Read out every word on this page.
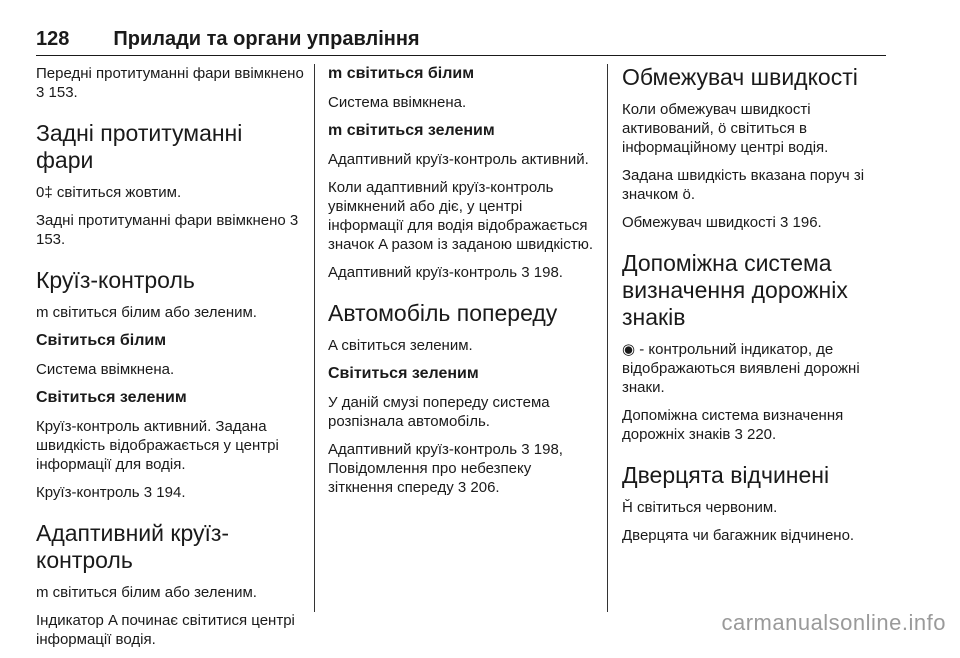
128 Прилади та органи управління

Передні протитуманні фари ввімкнено 3 153.

Задні протитуманні фари

0‡ світиться жовтим.

Задні протитуманні фари ввімкнено 3 153.

Круїз-контроль

m світиться білим або зеленим.

Світиться білим

Система ввімкнена.

Світиться зеленим

Круїз-контроль активний. Задана швидкість відображається у центрі інформації для водія.

Круїз-контроль 3 194.

Адаптивний круїз-контроль

m світиться білим або зеленим.

Індикатор A починає світитися центрі інформації водія.

m світиться білим

Система ввімкнена.

m світиться зеленим

Адаптивний круїз-контроль активний.

Коли адаптивний круїз-контроль увімкнений або діє, у центрі інформації для водія відображається значок A разом із заданою швидкістю.

Адаптивний круїз-контроль 3 198.

Автомобіль попереду

A світиться зеленим.

Світиться зеленим

У даній смузі попереду система розпізнала автомобіль.

Адаптивний круїз-контроль 3 198, Повідомлення про небезпеку зіткнення спереду 3 206.

Обмежувач швидкості

Коли обмежувач швидкості активований, ö світиться в інформаційному центрі водія.

Задана швидкість вказана поруч зі значком ö.

Обмежувач швидкості 3 196.

Допоміжна система визначення дорожніх знаків

◉ - контрольний індикатор, де відображаються виявлені дорожні знаки.

Допоміжна система визначення дорожніх знаків 3 220.

Дверцята відчинені

Ȟ світиться червоним.

Дверцята чи багажник відчинено.

carmanualsonline.info
